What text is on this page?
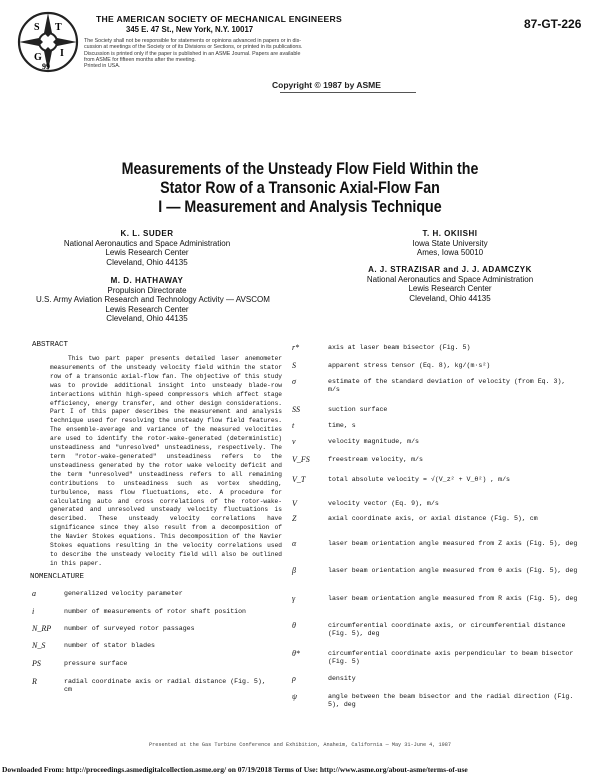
S T
G I
99
THE AMERICAN SOCIETY OF MECHANICAL ENGINEERS
345 E. 47 St., New York, N.Y. 10017	87-GT-226
The Society shall not be responsible for statements or opinions advanced in papers or in dis-
cussion at meetings of the Society or of its Divisions or Sections, or printed in its publications.
Discussion is printed only if the paper is published in an ASME Journal. Papers are available
from ASME for fifteen months after the meeting.
Printed in USA.
Copyright © 1987 by ASME
Measurements of the Unsteady Flow Field Within the
Stator Row of a Transonic Axial-Flow Fan
I — Measurement and Analysis Technique
K. L. SUDER
National Aeronautics and Space Administration
Lewis Research Center
Cleveland, Ohio 44135
T. H. OKIISHI
Iowa State University
Ames, Iowa 50010
M. D. HATHAWAY
Propulsion Directorate
U.S. Army Aviation Research and Technology Activity — AVSCOM
Lewis Research Center
Cleveland, Ohio 44135
A. J. STRAZISAR and J. J. ADAMCZYK
National Aeronautics and Space Administration
Lewis Research Center
Cleveland, Ohio 44135
ABSTRACT

This two part paper presents detailed laser anemometer measurements of the unsteady velocity field within the stator row of a transonic axial-flow fan. The objective of this study was to provide additional insight into unsteady blade-row interactions within high-speed compressors which affect stage efficiency, energy transfer, and other design considerations. Part I of this paper describes the measurement and analysis technique used for resolving the unsteady flow field features. The ensemble-average and variance of the measured velocities are used to identify the rotor-wake-generated (deterministic) unsteadiness and "unresolved" unsteadiness, respectively. The term "rotor-wake-generated" unsteadiness refers to the unsteadiness generated by the rotor wake velocity deficit and the term "unresolved" unsteadiness refers to all remaining contributions to unsteadiness such as vortex shedding, turbulence, mass flow fluctuations, etc. A procedure for calculating auto and cross correlations of the rotor-wake-generated and unresolved unsteady velocity fluctuations is described. These unsteady velocity correlations have significance since they also result from a decomposition of the Navier Stokes equations. This decomposition of the Navier Stokes equations resulting in the velocity correlations used to describe the unsteady velocity field will also be outlined in this paper.

NOMENCLATURE
a	generalized velocity parameter
i	number of measurements of rotor shaft position
N_RP	number of surveyed rotor passages
N_S	number of stator blades
PS	pressure surface
R	radial coordinate axis or radial distance (Fig. 5), cm
r*	axis at laser beam bisector (Fig. 5)
S	apparent stress tensor (Eq. 8), kg/(m·s²)
σ	estimate of the standard deviation of velocity (from Eq. 3), m/s
SS	suction surface
t	time, s
v	velocity magnitude, m/s
V_FS	freestream velocity, m/s
V_T	total absolute velocity = √(V_z² + V_θ²) , m/s
V	velocity vector (Eq. 9), m/s
Z	axial coordinate axis, or axial distance (Fig. 5), cm
α	laser beam orientation angle measured from Z axis (Fig. 5), deg
β	laser beam orientation angle measured from θ axis (Fig. 5), deg
γ	laser beam orientation angle measured from R axis (Fig. 5), deg
θ	circumferential coordinate axis, or circumferential distance (Fig. 5), deg
θ*	circumferential coordinate axis perpendicular to beam bisector (Fig. 5)
ρ	density
ψ	angle between the beam bisector and the radial direction (Fig. 5), deg
Presented at the Gas Turbine Conference and Exhibition, Anaheim, California — May 31-June 4, 1987
Downloaded From: http://proceedings.asmedigitalcollection.asme.org/ on 07/19/2018 Terms of Use: http://www.asme.org/about-asme/terms-of-use
